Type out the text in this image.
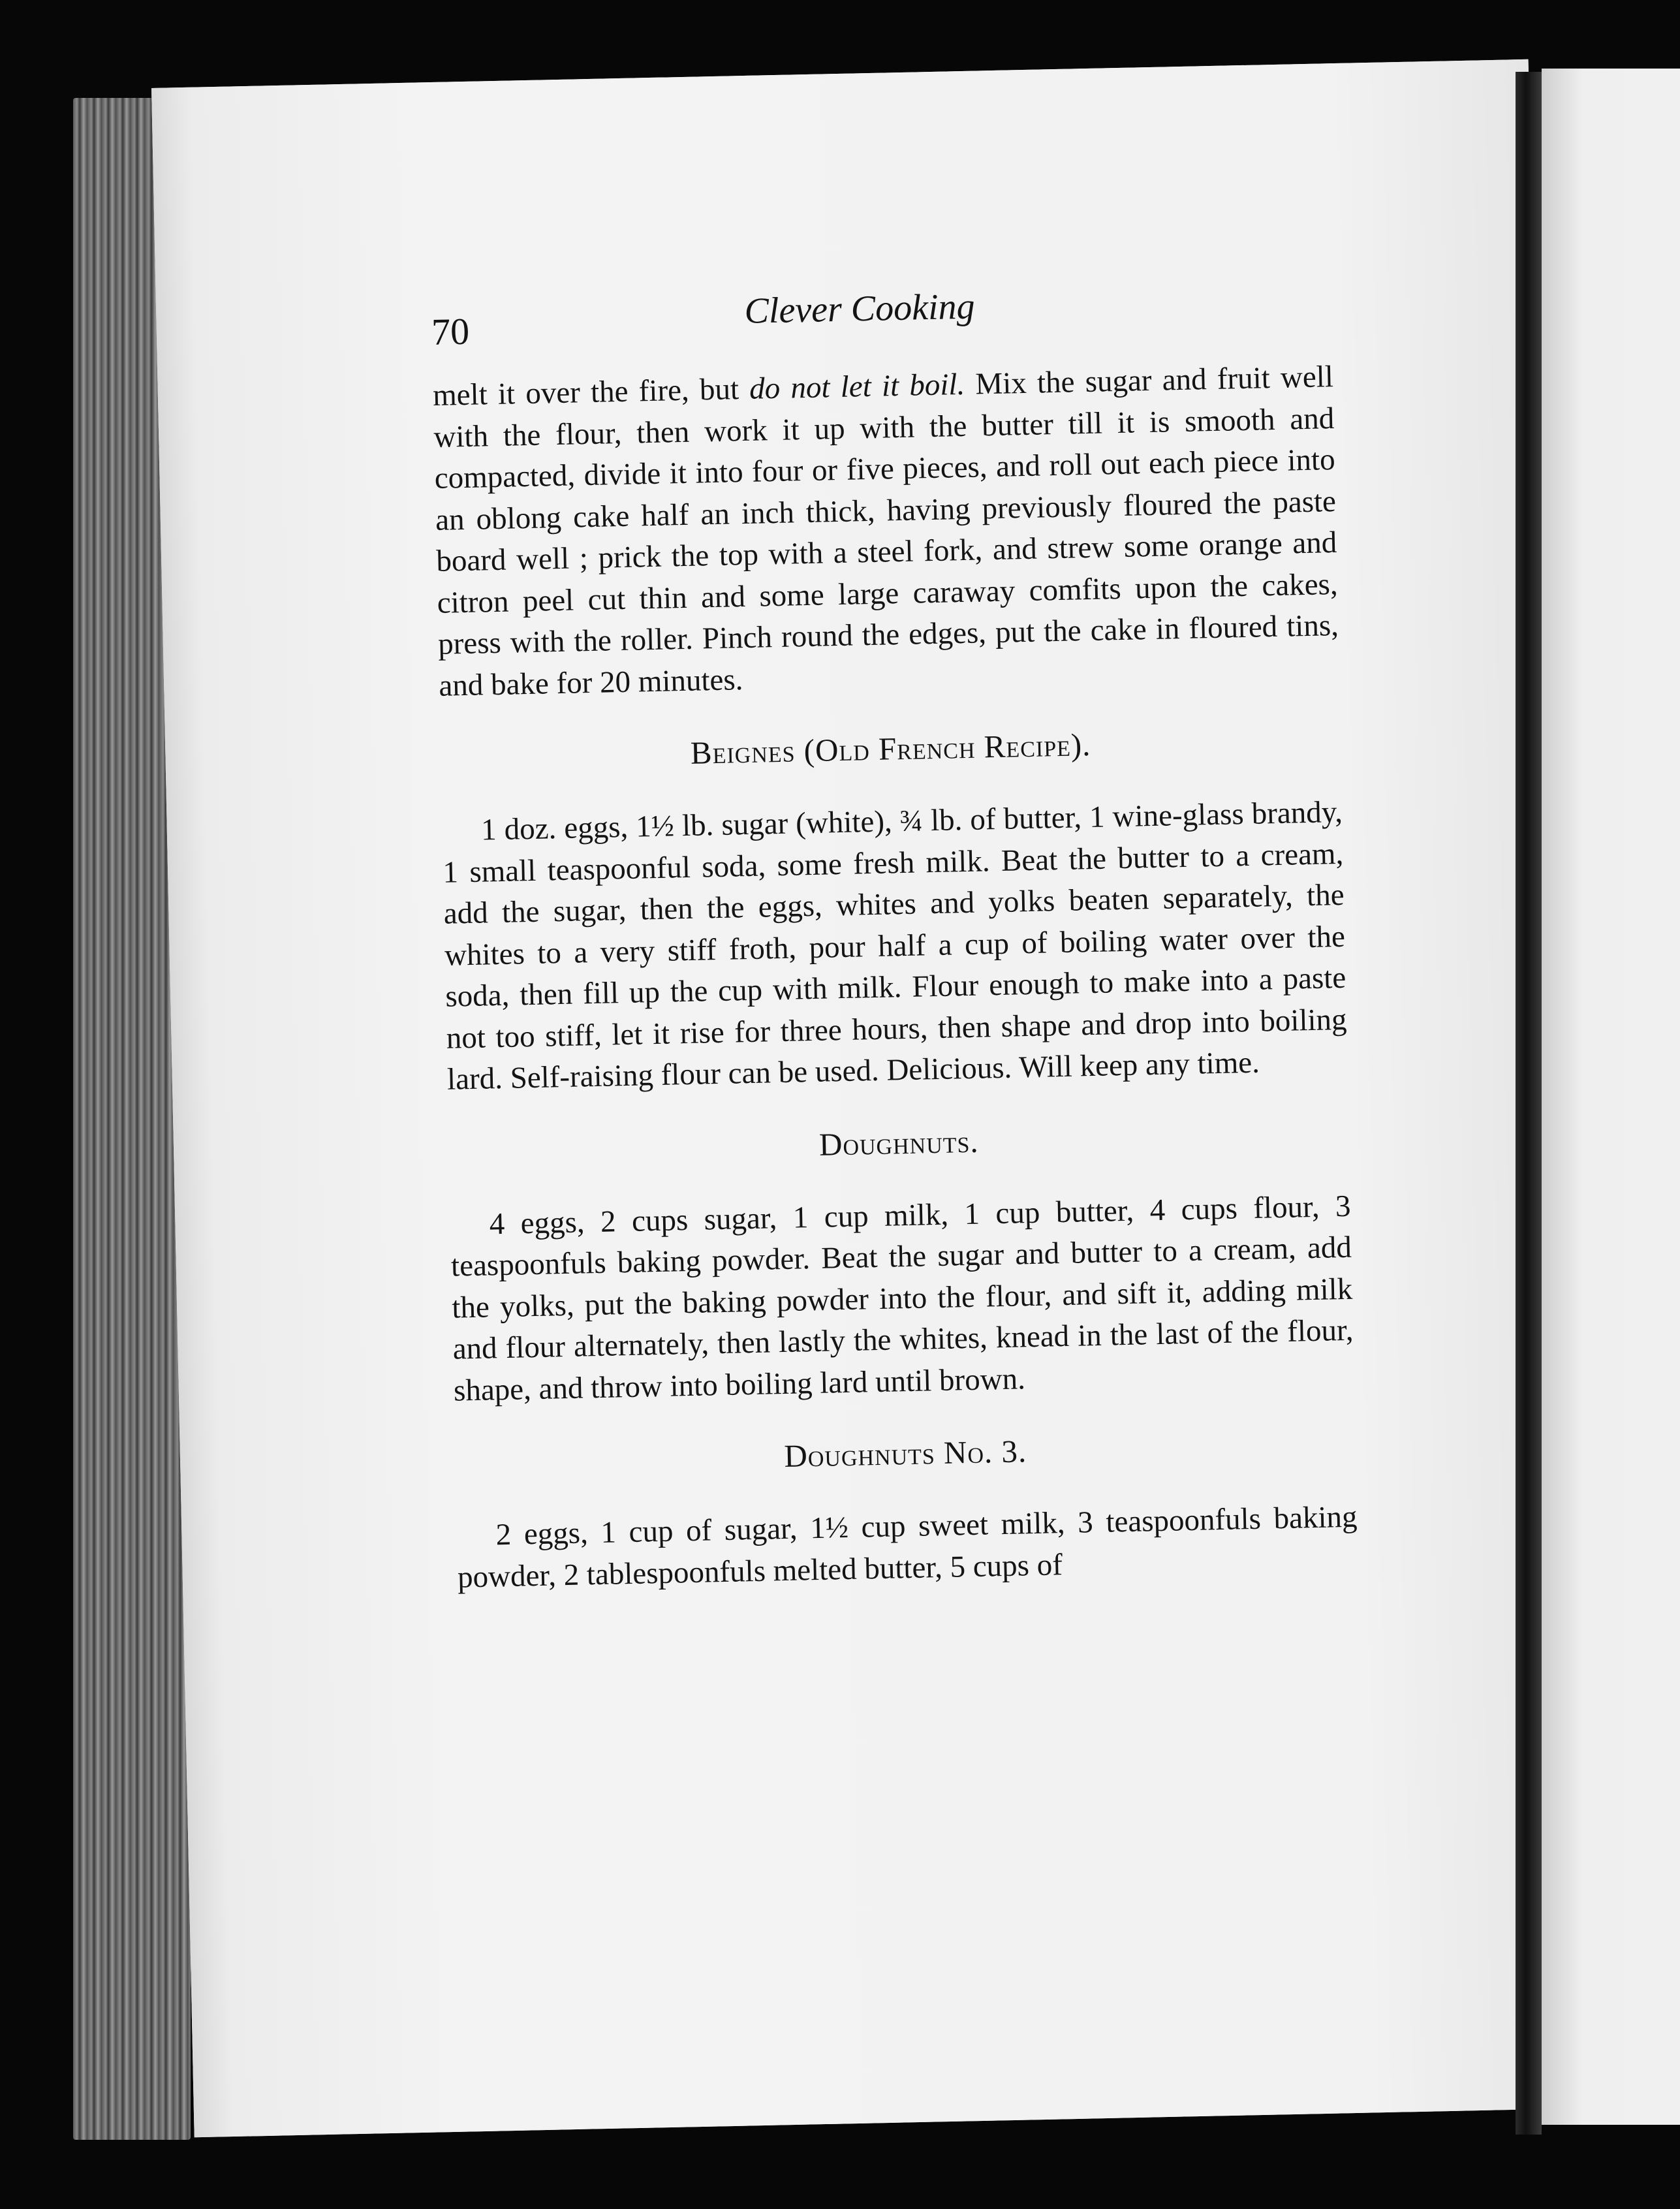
70	Clever Cooking

melt it over the fire, but do not let it boil. Mix the sugar and fruit well with the flour, then work it up with the butter till it is smooth and compacted, divide it into four or five pieces, and roll out each piece into an oblong cake half an inch thick, having previously floured the paste board well ; prick the top with a steel fork, and strew some orange and citron peel cut thin and some large caraway comfits upon the cakes, press with the roller. Pinch round the edges, put the cake in floured tins, and bake for 20 minutes.

Beignes (Old French Recipe).

1 doz. eggs, 1½ lb. sugar (white), ¾ lb. of butter, 1 wine-glass brandy, 1 small teaspoonful soda, some fresh milk. Beat the butter to a cream, add the sugar, then the eggs, whites and yolks beaten separately, the whites to a very stiff froth, pour half a cup of boiling water over the soda, then fill up the cup with milk. Flour enough to make into a paste not too stiff, let it rise for three hours, then shape and drop into boiling lard. Self-raising flour can be used. Delicious. Will keep any time.

Doughnuts.

4 eggs, 2 cups sugar, 1 cup milk, 1 cup butter, 4 cups flour, 3 teaspoonfuls baking powder. Beat the sugar and butter to a cream, add the yolks, put the baking powder into the flour, and sift it, adding milk and flour alternately, then lastly the whites, knead in the last of the flour, shape, and throw into boiling lard until brown.

Doughnuts No. 3.

2 eggs, 1 cup of sugar, 1½ cup sweet milk, 3 teaspoonfuls baking powder, 2 tablespoonfuls melted butter, 5 cups of
